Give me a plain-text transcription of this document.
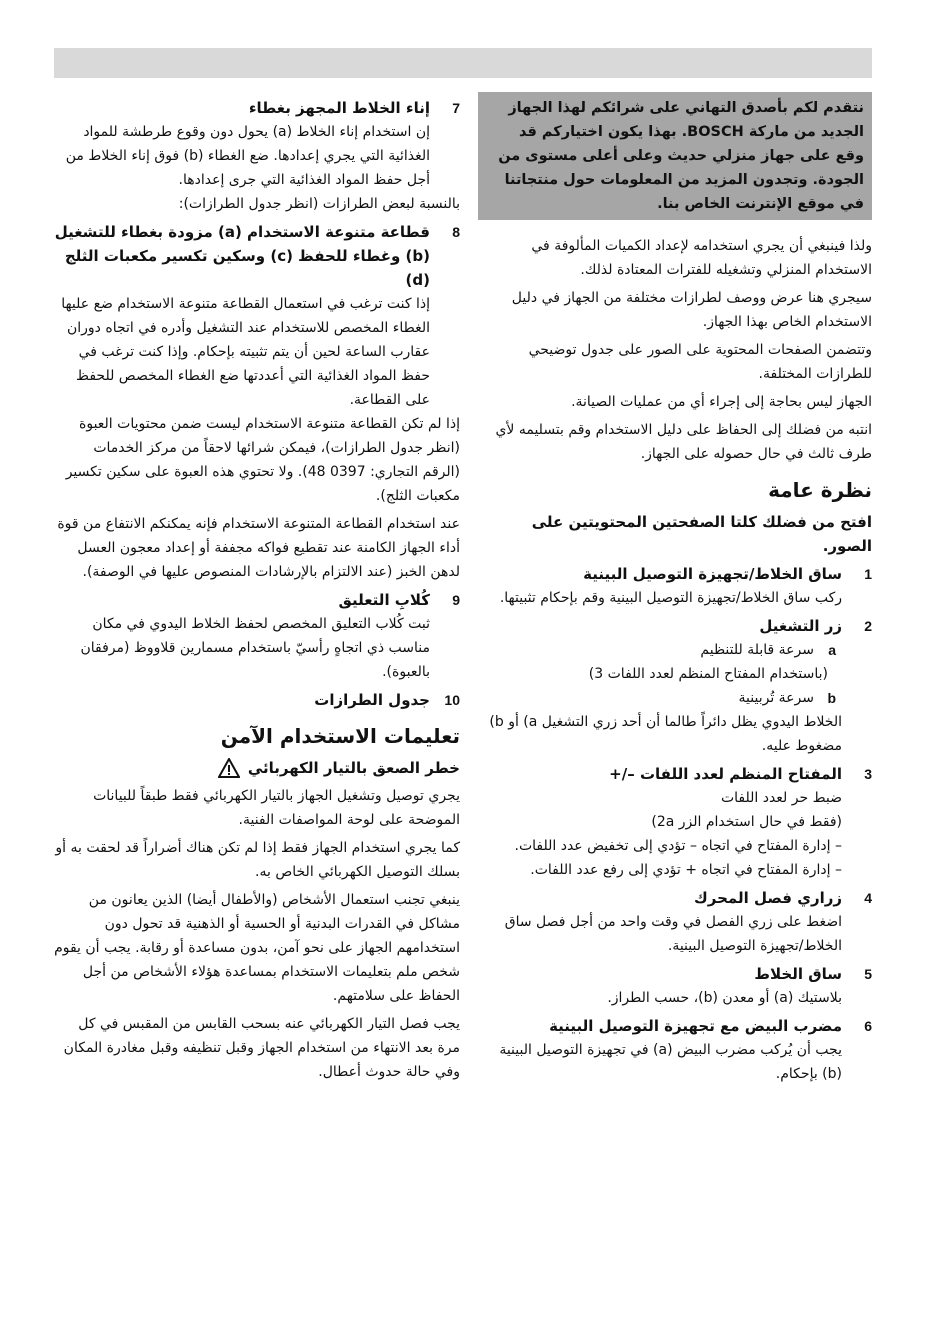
نتقدم لكم بأصدق التهاني على شرائكم لهذا الجهاز الجديد من ماركة BOSCH. بهذا يكون اختياركم قد وقع على جهاز منزلي حديث وعلى أعلى مستوى من الجودة. وتجدون المزيد من المعلومات حول منتجاتنا في موقع الإنترنت الخاص بنا.

ولذا فينبغي أن يجري استخدامه لإعداد الكميات المألوفة في الاستخدام المنزلي وتشغيله للفترات المعتادة لذلك.

سيجري هنا عرض ووصف لطرازات مختلفة من الجهاز في دليل الاستخدام الخاص بهذا الجهاز.

وتتضمن الصفحات المحتوية على الصور على جدول توضيحي للطرازات المختلفة.

الجهاز ليس بحاجة إلى إجراء أي من عمليات الصيانة.

انتبه من فضلك إلى الحفاظ على دليل الاستخدام وقم بتسليمه لأي طرف ثالث في حال حصوله على الجهاز.

نظرة عامة
افتح من فضلك كلتا الصفحتين المحتويتين على الصور.
1
ساق الخلاط/تجهيزة التوصيل البينية
ركب ساق الخلاط/تجهيزة التوصيل البينية وقم بإحكام تثبيتها.
2
زر التشغيل
a
سرعة قابلة للتنظيم
(باستخدام المفتاح المنظم لعدد اللفات 3)
b
سرعة تُربينية
الخلاط اليدوي يظل دائراً طالما أن أحد زري التشغيل a) أو b) مضغوط عليه.
3
المفتاح المنظم لعدد اللفات –/+
ضبط حر لعدد اللفات
(فقط في حال استخدام الزر 2a)
– إدارة المفتاح في اتجاه – تؤدي إلى تخفيض عدد اللفات.
– إدارة المفتاح في اتجاه + تؤدي إلى رفع عدد اللفات.
4
زراري فصل المحرك
اضغط على زري الفصل في وقت واحد من أجل فصل ساق الخلاط/تجهيزة التوصيل البينية.
5
ساق الخلاط
بلاستيك (a) أو معدن (b)، حسب الطراز.
6
مضرب البيض مع تجهيزة التوصيل البينية
يجب أن يُركب مضرب البيض (a) في تجهيزة التوصيل البينية (b) بإحكام.
7
إناء الخلاط المجهز بغطاء
إن استخدام إناء الخلاط (a) يحول دون وقوع طرطشة للمواد الغذائية التي يجري إعدادها. ضع الغطاء (b) فوق إناء الخلاط من أجل حفظ المواد الغذائية التي جرى إعدادها.

بالنسبة لبعض الطرازات (انظر جدول الطرازات):

8
قطاعة متنوعة الاستخدام (a) مزودة بغطاء للتشغيل (b) وغطاء للحفظ (c) وسكين تكسير مكعبات الثلج (d)
إذا كنت ترغب في استعمال القطاعة متنوعة الاستخدام ضع عليها الغطاء المخصص للاستخدام عند التشغيل وأدره في اتجاه دوران عقارب الساعة لحين أن يتم تثبيته بإحكام. وإذا كنت ترغب في حفظ المواد الغذائية التي أعددتها ضع الغطاء المخصص للحفظ على القطاعة.

إذا لم تكن القطاعة متنوعة الاستخدام ليست ضمن محتويات العبوة (انظر جدول الطرازات)، فيمكن شرائها لاحقاً من مركز الخدمات (الرقم التجاري: 0397 48). ولا تحتوي هذه العبوة على سكين تكسير مكعبات الثلج).

عند استخدام القطاعة المتنوعة الاستخدام فإنه يمكنكم الانتفاع من قوة أداء الجهاز الكامنة عند تقطيع فواكه مجففة أو إعداد معجون العسل لدهن الخبز (عند الالتزام بالإرشادات المنصوص عليها في الوصفة).

9
كُلابِ التعليق
ثبت كُلاب التعليق المخصص لحفظ الخلاط اليدوي في مكان مناسب ذي اتجاهٍ رأسيّ باستخدام مسمارين قلاووظ (مرفقان بالعبوة).
10
جدول الطرازات
تعليمات الاستخدام الآمن
خطر الصعق بالتيار الكهربائي

يجري توصيل وتشغيل الجهاز بالتيار الكهربائي فقط طبقاً للبيانات الموضحة على لوحة المواصفات الفنية.

كما يجري استخدام الجهاز فقط إذا لم تكن هناك أضراراً قد لحقت به أو بسلك التوصيل الكهربائي الخاص به.

ينبغي تجنب استعمال الأشخاص (والأطفال أيضا) الذين يعانون من مشاكل في القدرات البدنية أو الحسية أو الذهنية قد تحول دون استخدامهم الجهاز على نحو آمن، بدون مساعدة أو رقابة. يجب أن يقوم شخص ملم بتعليمات الاستخدام بمساعدة هؤلاء الأشخاص من أجل الحفاظ على سلامتهم.

يجب فصل التيار الكهربائي عنه بسحب القابس من المقبس في كل مرة بعد الانتهاء من استخدام الجهاز وقبل تنظيفه وقبل مغادرة المكان وفي حالة حدوث أعطال.
